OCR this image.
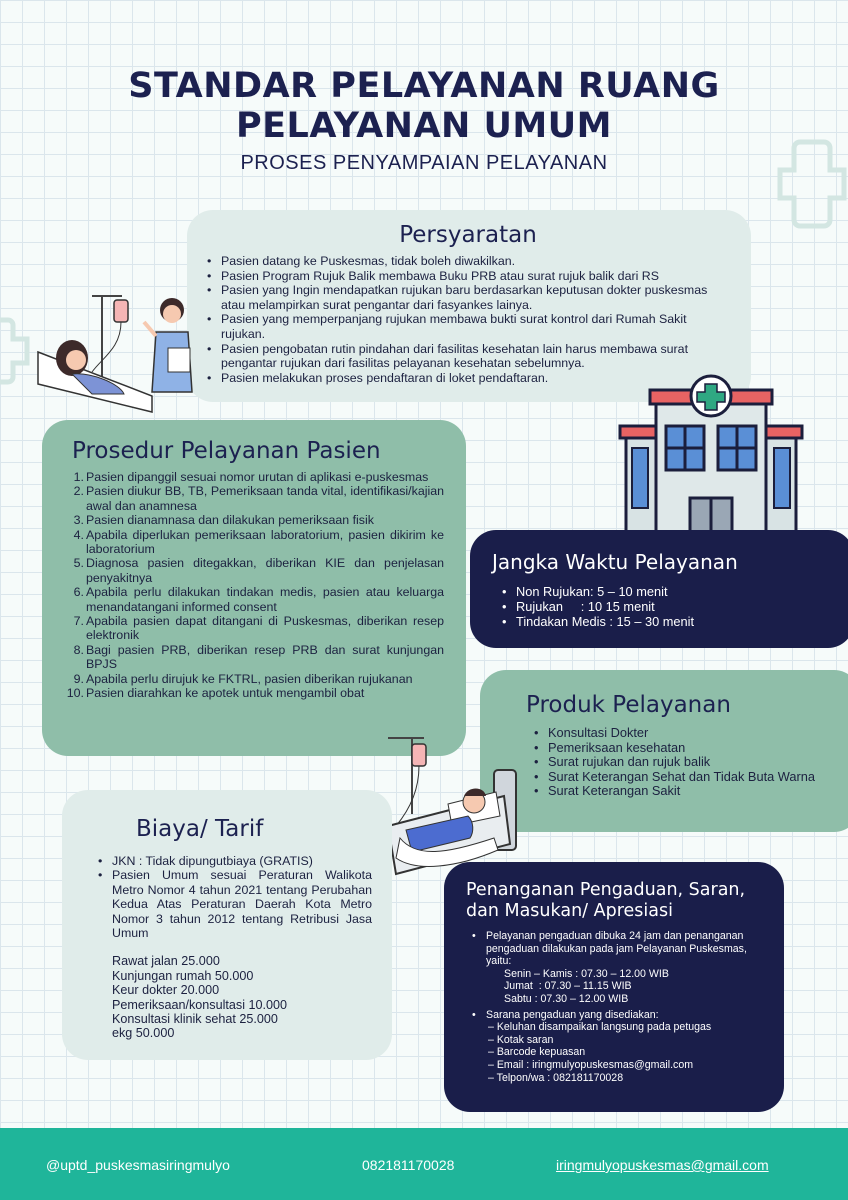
STANDAR PELAYANAN RUANG
PELAYANAN UMUM
PROSES PENYAMPAIAN PELAYANAN
Persyaratan
• Pasien datang ke Puskesmas, tidak boleh diwakilkan.
• Pasien Program Rujuk Balik membawa Buku PRB atau surat rujuk balik dari RS
• Pasien yang Ingin mendapatkan rujukan baru berdasarkan keputusan dokter puskesmas atau melampirkan surat pengantar dari fasyankes lainya.
• Pasien yang memperpanjang rujukan membawa bukti surat kontrol dari Rumah Sakit rujukan.
• Pasien pengobatan rutin pindahan dari fasilitas kesehatan lain harus membawa surat pengantar rujukan dari fasilitas pelayanan kesehatan sebelumnya.
• Pasien melakukan proses pendaftaran di loket pendaftaran.
Prosedur Pelayanan Pasien
1. Pasien dipanggil sesuai nomor urutan di aplikasi e-puskesmas
2. Pasien diukur BB, TB, Pemeriksaan tanda vital, identifikasi/kajian awal dan anamnesa
3. Pasien dianamnasa dan dilakukan pemeriksaan fisik
4. Apabila diperlukan pemeriksaan laboratorium, pasien dikirim ke laboratorium
5. Diagnosa pasien ditegakkan, diberikan KIE dan penjelasan penyakitnya
6. Apabila perlu dilakukan tindakan medis, pasien atau keluarga menandatangani informed consent
7. Apabila pasien dapat ditangani di Puskesmas, diberikan resep elektronik
8. Bagi pasien PRB, diberikan resep PRB dan surat kunjungan BPJS
9. Apabila perlu dirujuk ke FKTRL, pasien diberikan rujukanan
10. Pasien diarahkan ke apotek untuk mengambil obat
Jangka Waktu Pelayanan
• Non Rujukan: 5 – 10 menit
• Rujukan     : 10 15 menit
• Tindakan Medis : 15 – 30 menit
Produk Pelayanan
• Konsultasi Dokter
• Pemeriksaan kesehatan
• Surat rujukan dan rujuk balik
• Surat Keterangan Sehat dan Tidak Buta Warna
• Surat Keterangan Sakit
Biaya/ Tarif
• JKN : Tidak dipungutbiaya (GRATIS)
• Pasien Umum sesuai Peraturan Walikota Metro Nomor 4 tahun 2021 tentang Perubahan Kedua Atas Peraturan Daerah Kota Metro Nomor 3 tahun 2012 tentang Retribusi Jasa Umum
Rawat jalan 25.000
Kunjungan rumah 50.000
Keur dokter 20.000
Pemeriksaan/konsultasi 10.000
Konsultasi klinik sehat 25.000
ekg 50.000
Penanganan Pengaduan, Saran,
dan Masukan/ Apresiasi
• Pelayanan pengaduan dibuka 24 jam dan penanganan pengaduan dilakukan pada jam Pelayanan Puskesmas, yaitu:
Senin – Kamis : 07.30 – 12.00 WIB
Jumat  : 07.30 – 11.15 WIB
Sabtu : 07.30 – 12.00 WIB
• Sarana pengaduan yang disediakan:
– Keluhan disampaikan langsung pada petugas
– Kotak saran
– Barcode kepuasan
– Email : iringmulyopuskesmas@gmail.com
– Telpon/wa : 082181170028
@uptd_puskesmasiringmulyo	082181170028	iringmulyopuskesmas@gmail.com
